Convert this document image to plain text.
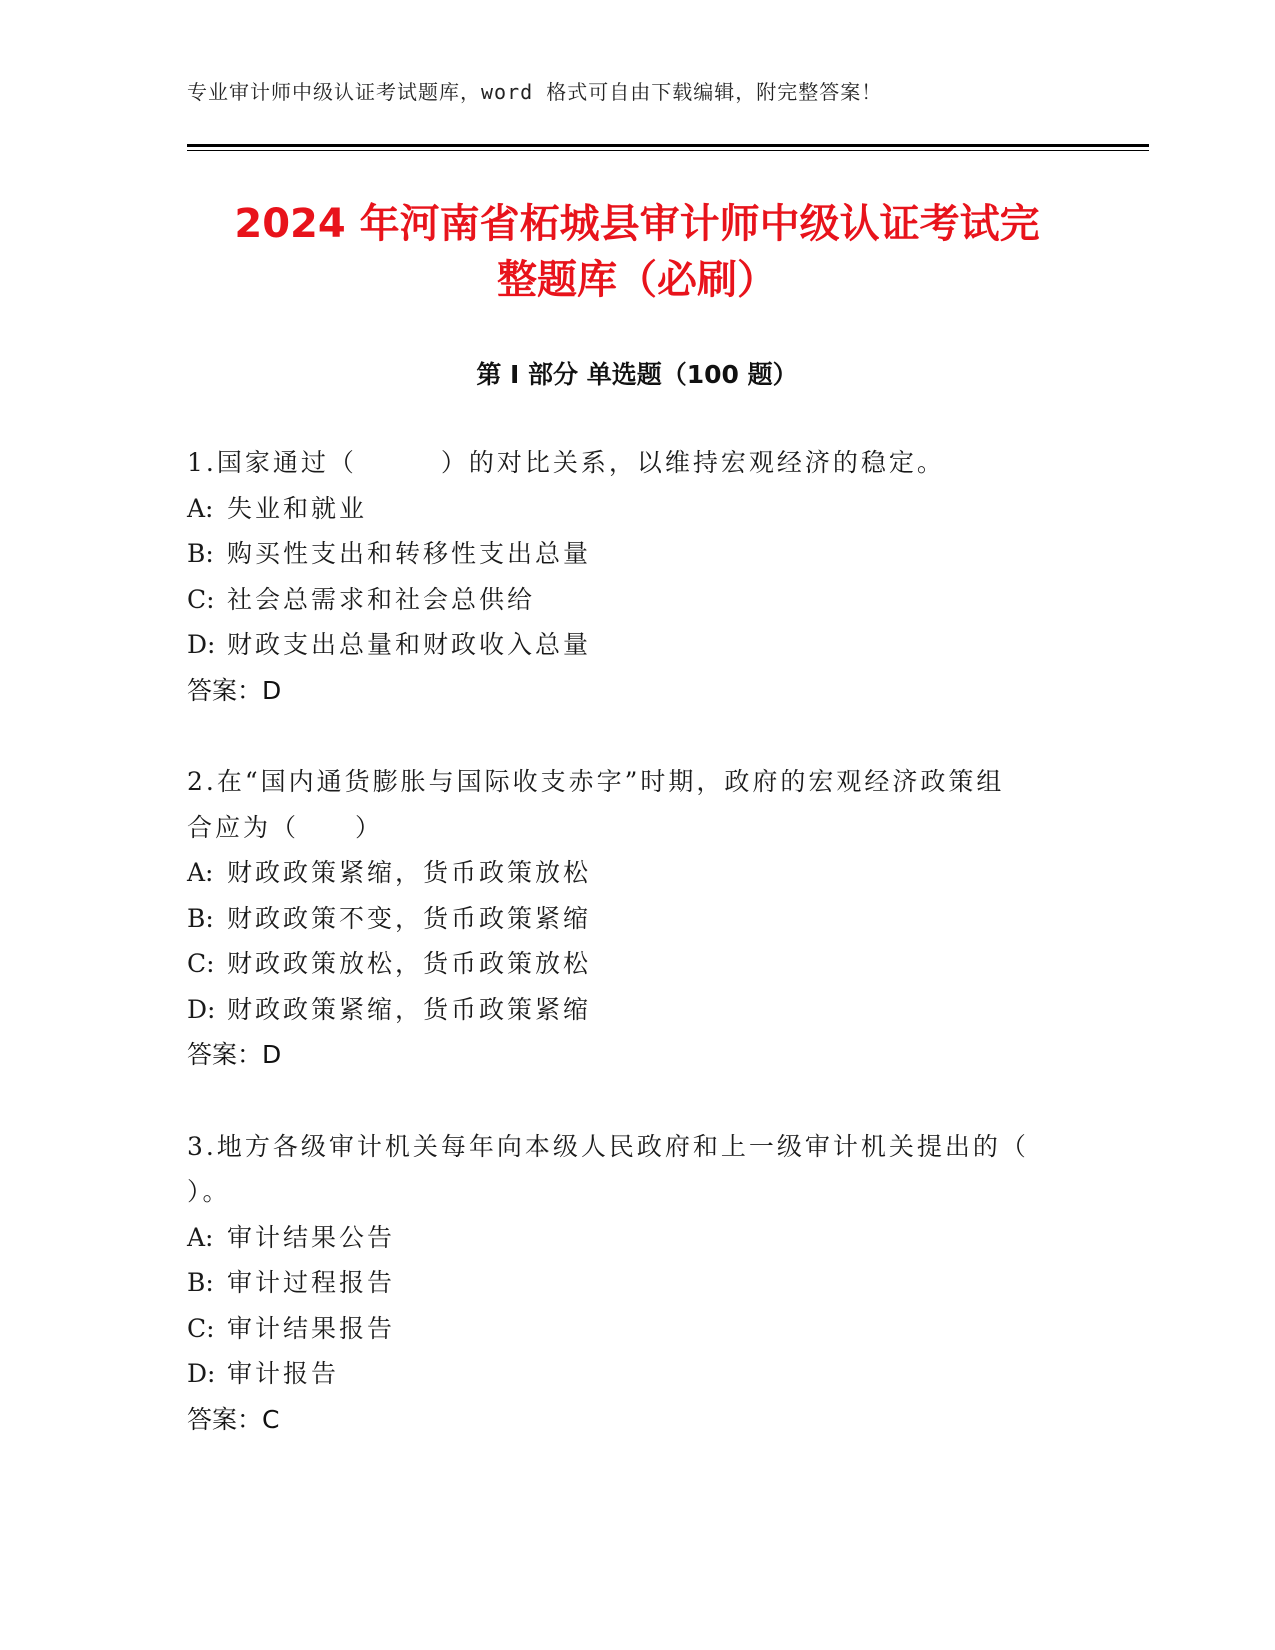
专业审计师中级认证考试题库，word 格式可自由下载编辑，附完整答案！
2024 年河南省柘城县审计师中级认证考试完
整题库（必刷）
第 I 部分 单选题（100 题）
1.国家通过（　　　）的对比关系，以维持宏观经济的稳定。
A: 失业和就业
B: 购买性支出和转移性支出总量
C: 社会总需求和社会总供给
D: 财政支出总量和财政收入总量
答案：D
2.在“国内通货膨胀与国际收支赤字”时期，政府的宏观经济政策组
合应为（　　）
A: 财政政策紧缩，货币政策放松
B: 财政政策不变，货币政策紧缩
C: 财政政策放松，货币政策放松
D: 财政政策紧缩，货币政策紧缩
答案：D
3.地方各级审计机关每年向本级人民政府和上一级审计机关提出的（
）。
A: 审计结果公告
B: 审计过程报告
C: 审计结果报告
D: 审计报告
答案：C
